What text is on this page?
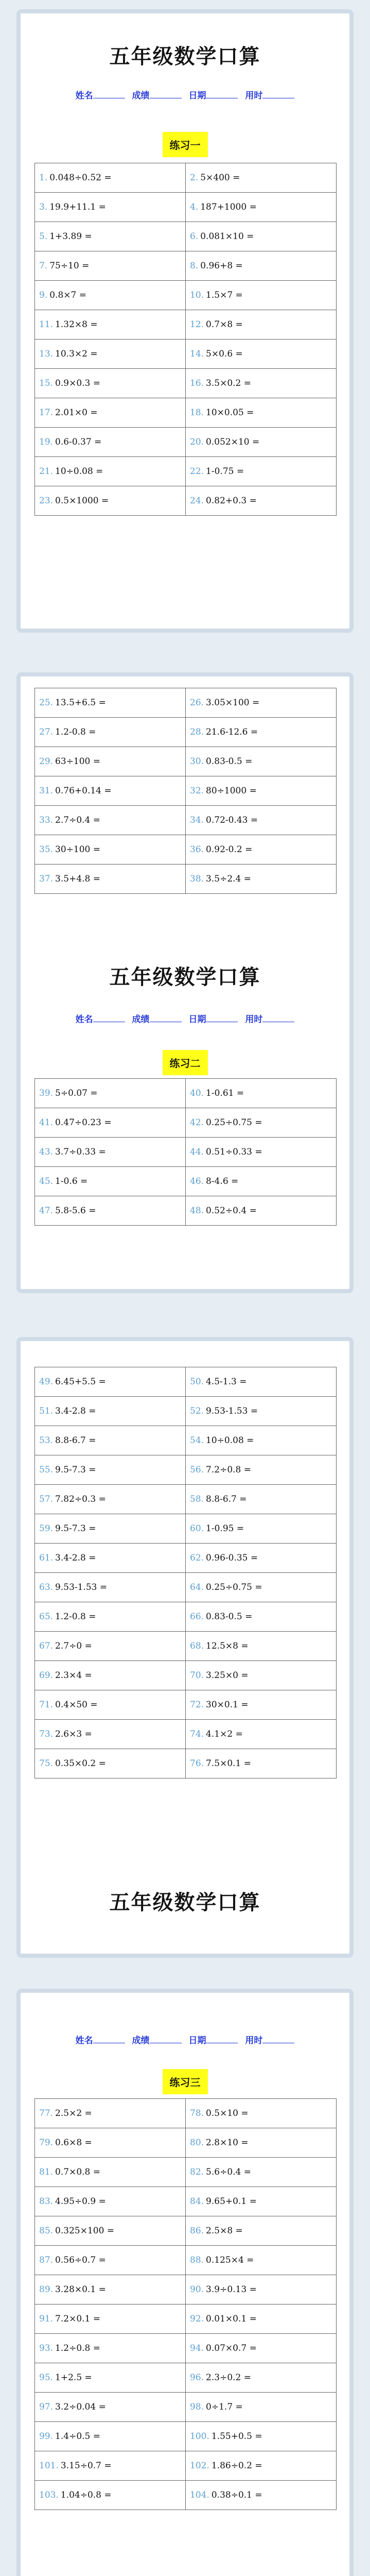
五年级数学口算
姓名	成绩	日期	用时
练习一
1. 0.048÷0.52 =	2. 5×400 =
3. 19.9+11.1 =	4. 187+1000 =
5. 1+3.89 =	6. 0.081×10 =
7. 75÷10 =	8. 0.96+8 =
9. 0.8×7 =	10. 1.5×7 =
11. 1.32×8 =	12. 0.7×8 =
13. 10.3×2 =	14. 5×0.6 =
15. 0.9×0.3 =	16. 3.5×0.2 =
17. 2.01×0 =	18. 10×0.05 =
19. 0.6-0.37 =	20. 0.052×10 =
21. 10÷0.08 =	22. 1-0.75 =
23. 0.5×1000 =	24. 0.82+0.3 =
25. 13.5+6.5 =	26. 3.05×100 =
27. 1.2-0.8 =	28. 21.6-12.6 =
29. 63÷100 =	30. 0.83-0.5 =
31. 0.76+0.14 =	32. 80÷1000 =
33. 2.7÷0.4 =	34. 0.72-0.43 =
35. 30÷100 =	36. 0.92-0.2 =
37. 3.5+4.8 =	38. 3.5÷2.4 =
五年级数学口算
姓名	成绩	日期	用时
练习二
39. 5÷0.07 =	40. 1-0.61 =
41. 0.47÷0.23 =	42. 0.25÷0.75 =
43. 3.7÷0.33 =	44. 0.51÷0.33 =
45. 1-0.6 =	46. 8-4.6 =
47. 5.8-5.6 =	48. 0.52÷0.4 =
49. 6.45+5.5 =	50. 4.5-1.3 =
51. 3.4-2.8 =	52. 9.53-1.53 =
53. 8.8-6.7 =	54. 10÷0.08 =
55. 9.5-7.3 =	56. 7.2÷0.8 =
57. 7.82÷0.3 =	58. 8.8-6.7 =
59. 9.5-7.3 =	60. 1-0.95 =
61. 3.4-2.8 =	62. 0.96-0.35 =
63. 9.53-1.53 =	64. 0.25÷0.75 =
65. 1.2-0.8 =	66. 0.83-0.5 =
67. 2.7÷0 =	68. 12.5×8 =
69. 2.3×4 =	70. 3.25×0 =
71. 0.4×50 =	72. 30×0.1 =
73. 2.6×3 =	74. 4.1×2 =
75. 0.35×0.2 =	76. 7.5×0.1 =
五年级数学口算
姓名	成绩	日期	用时
练习三
77. 2.5×2 =	78. 0.5×10 =
79. 0.6×8 =	80. 2.8×10 =
81. 0.7×0.8 =	82. 5.6÷0.4 =
83. 4.95÷0.9 =	84. 9.65+0.1 =
85. 0.325×100 =	86. 2.5×8 =
87. 0.56÷0.7 =	88. 0.125×4 =
89. 3.28×0.1 =	90. 3.9÷0.13 =
91. 7.2×0.1 =	92. 0.01×0.1 =
93. 1.2÷0.8 =	94. 0.07×0.7 =
95. 1+2.5 =	96. 2.3÷0.2 =
97. 3.2÷0.04 =	98. 0÷1.7 =
99. 1.4÷0.5 =	100. 1.55+0.5 =
101. 3.15÷0.7 =	102. 1.86÷0.2 =
103. 1.04÷0.8 =	104. 0.38÷0.1 =
